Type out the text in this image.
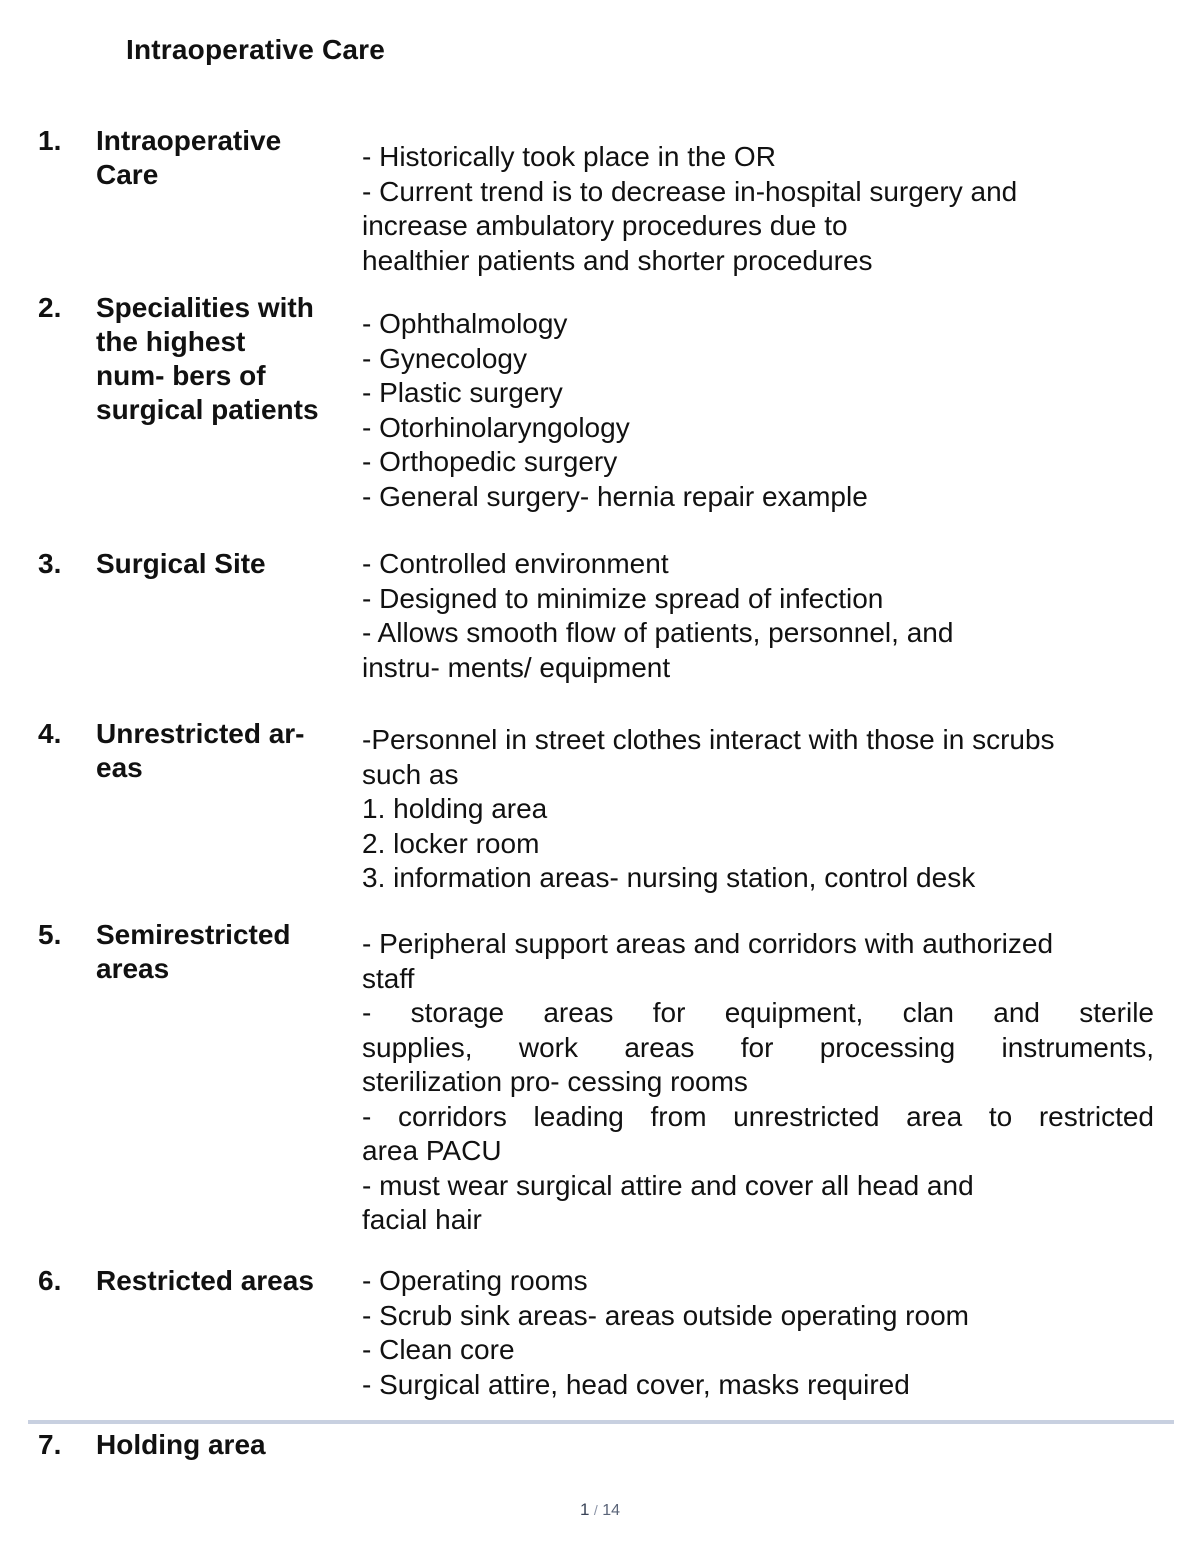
Intraoperative Care
1. Intraoperative
Care
- Historically took place in the OR
- Current trend is to decrease in-hospital surgery and
increase ambulatory procedures due to
healthier patients and shorter procedures
2. Specialities with
the highest
num- bers of
surgical patients
- Ophthalmology
- Gynecology
- Plastic surgery
- Otorhinolaryngology
- Orthopedic surgery
- General surgery- hernia repair example
3. Surgical Site	- Controlled environment
- Designed to minimize spread of infection
- Allows smooth flow of patients, personnel, and
instru- ments/ equipment
4. Unrestricted ar-
eas
-Personnel in street clothes interact with those in scrubs
such as
1. holding area
2. locker room
3. information areas- nursing station, control desk
5. Semirestricted
areas
- Peripheral support areas and corridors with authorized
staff
- storage areas for equipment, clan and sterile
supplies, work areas for processing instruments,
sterilization pro- cessing rooms
- corridors leading from unrestricted area to restricted
area PACU
- must wear surgical attire and cover all head and
facial hair
6. Restricted areas	- Operating rooms
- Scrub sink areas- areas outside operating room
- Clean core
- Surgical attire, head cover, masks required
7. Holding area
1 / 14
